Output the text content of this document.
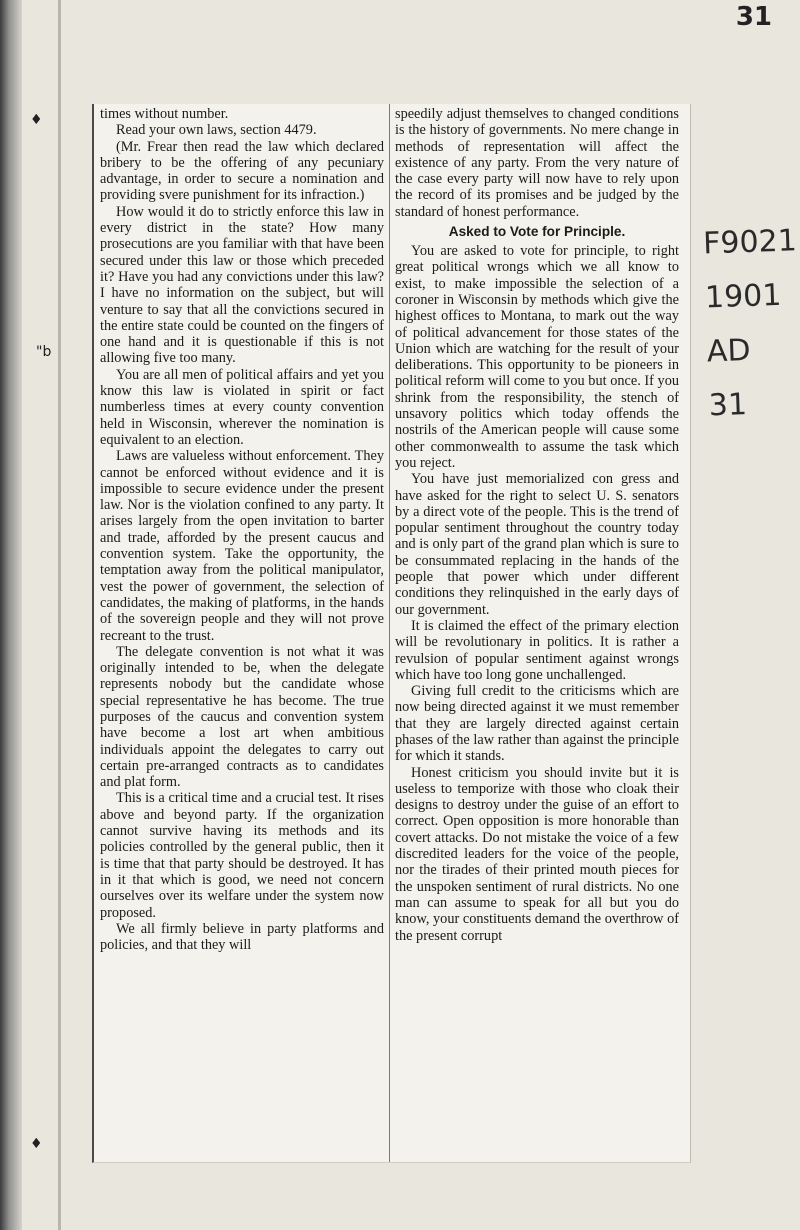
31
F9021
1901
AD
31
♦
"b
♦

times without number.

Read your own laws, section 4479.

(Mr. Frear then read the law which declared bribery to be the offering of any pecuniary advantage, in order to secure a nomination and providing svere punishment for its infraction.)

How would it do to strictly enforce this law in every district in the state? How many prosecutions are you familiar with that have been secured under this law or those which preceded it? Have you had any convictions under this law? I have no information on the subject, but will venture to say that all the convictions secured in the entire state could be counted on the fingers of one hand and it is questionable if this is not allowing five too many.

You are all men of political affairs and yet you know this law is violated in spirit or fact numberless times at every county convention held in Wisconsin, wherever the nomination is equivalent to an election.

Laws are valueless without enforcement. They cannot be enforced without evidence and it is impossible to secure evidence under the present law. Nor is the violation confined to any party. It arises largely from the open invitation to barter and trade, afforded by the present caucus and convention system. Take the opportunity, the temptation away from the political manipulator, vest the power of government, the selection of candidates, the making of platforms, in the hands of the sovereign people and they will not prove recreant to the trust.

The delegate convention is not what it was originally intended to be, when the delegate represents nobody but the candidate whose special representative he has become. The true purposes of the caucus and convention system have become a lost art when ambitious individuals appoint the delegates to carry out certain pre-arranged contracts as to candidates and plat form.

This is a critical time and a crucial test. It rises above and beyond party. If the organization cannot survive having its methods and its policies controlled by the general public, then it is time that that party should be destroyed. It has in it that which is good, we need not concern ourselves over its welfare under the system now proposed.

We all firmly believe in party platforms and policies, and that they will

speedily adjust themselves to changed conditions is the history of governments. No mere change in methods of representation will affect the existence of any party. From the very nature of the case every party will now have to rely upon the record of its promises and be judged by the standard of honest performance.

Asked to Vote for Principle.

You are asked to vote for principle, to right great political wrongs which we all know to exist, to make impossible the selection of a coroner in Wisconsin by methods which give the highest offices to Montana, to mark out the way of political advancement for those states of the Union which are watching for the result of your deliberations. This opportunity to be pioneers in political reform will come to you but once. If you shrink from the responsibility, the stench of unsavory politics which today offends the nostrils of the American people will cause some other commonwealth to assume the task which you reject.

You have just memorialized con gress and have asked for the right to select U. S. senators by a direct vote of the people. This is the trend of popular sentiment throughout the country today and is only part of the grand plan which is sure to be consummated replacing in the hands of the people that power which under different conditions they relinquished in the early days of our government.

It is claimed the effect of the primary election will be revolutionary in politics. It is rather a revulsion of popular sentiment against wrongs which have too long gone unchallenged.

Giving full credit to the criticisms which are now being directed against it we must remember that they are largely directed against certain phases of the law rather than against the principle for which it stands.

Honest criticism you should invite but it is useless to temporize with those who cloak their designs to destroy under the guise of an effort to correct. Open opposition is more honorable than covert attacks. Do not mistake the voice of a few discredited leaders for the voice of the people, nor the tirades of their printed mouth pieces for the unspoken sentiment of rural districts. No one man can assume to speak for all but you do know, your constituents demand the overthrow of the present corrupt
